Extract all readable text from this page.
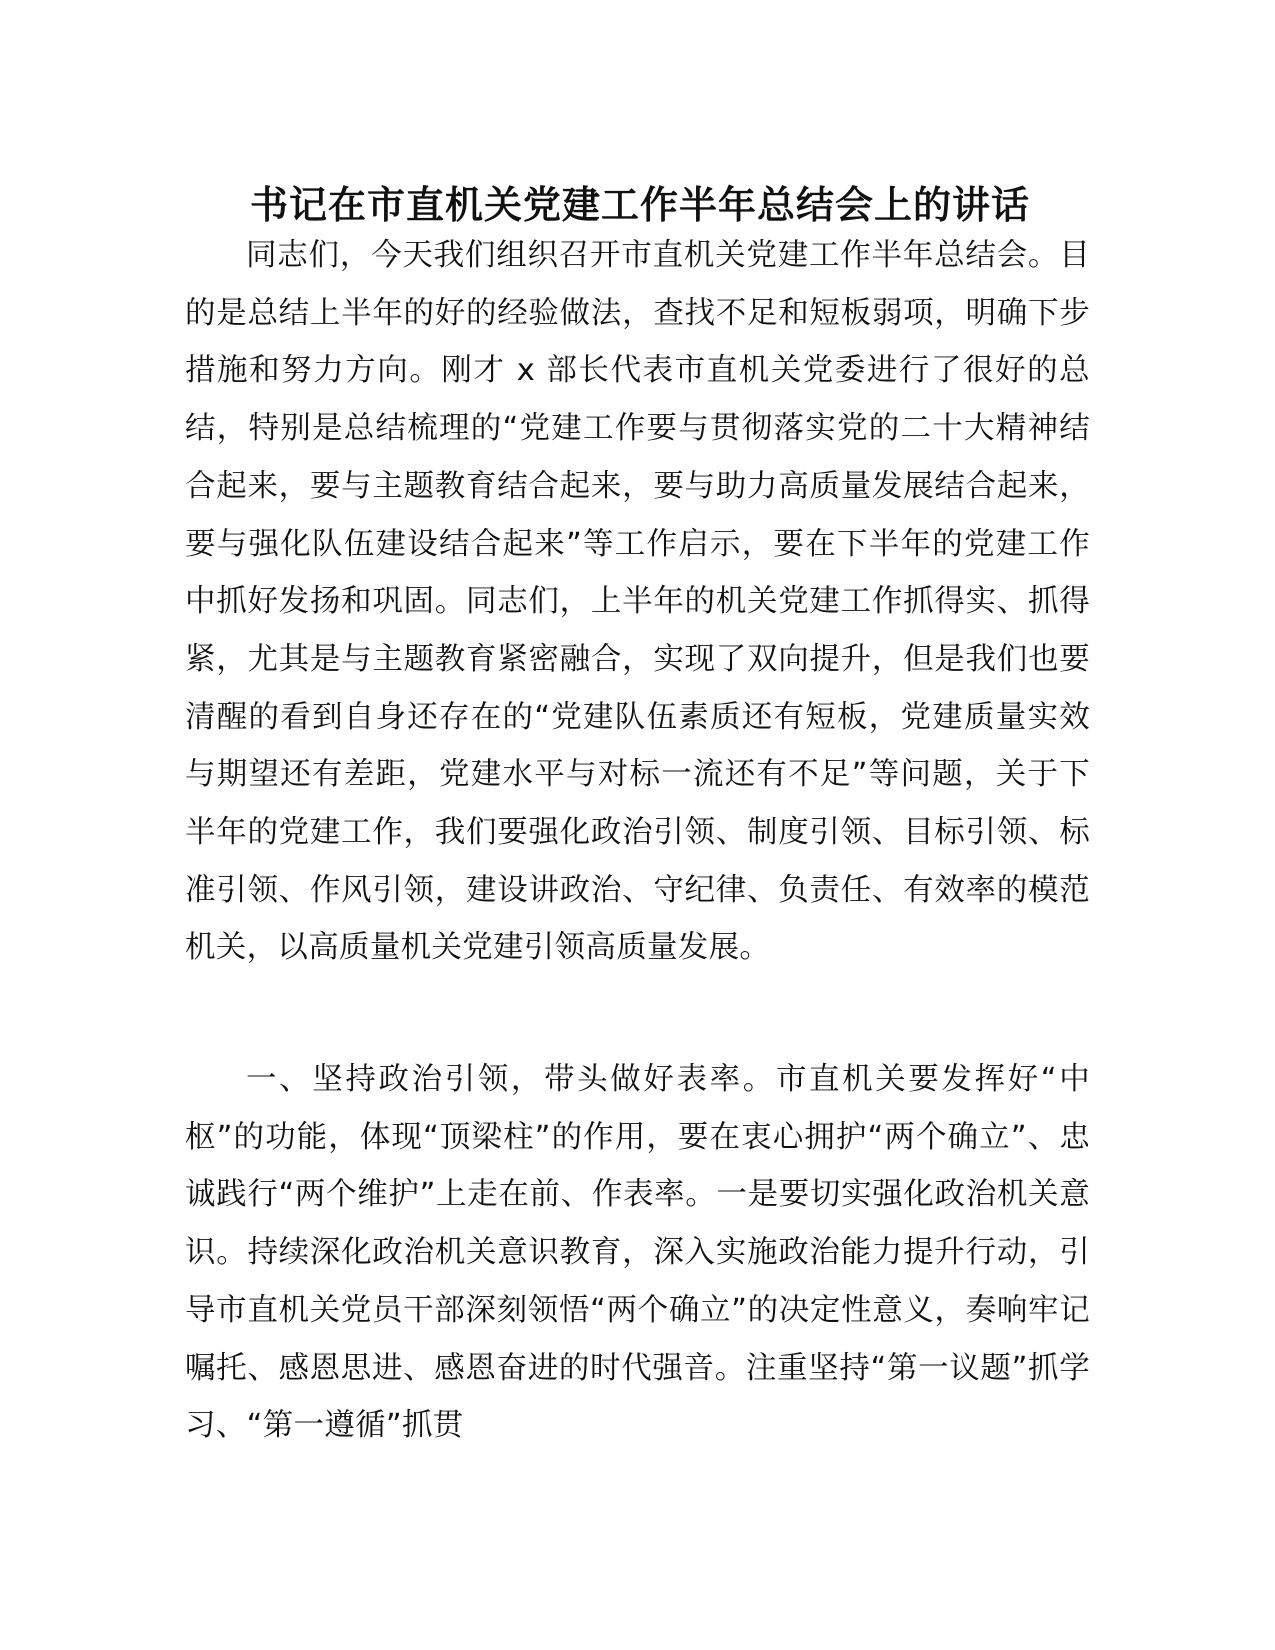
书记在市直机关党建工作半年总结会上的讲话

同志们，今天我们组织召开市直机关党建工作半年总结会。目的是总结上半年的好的经验做法，查找不足和短板弱项，明确下步措施和努力方向。刚才 x 部长代表市直机关党委进行了很好的总结，特别是总结梳理的“党建工作要与贯彻落实党的二十大精神结合起来，要与主题教育结合起来，要与助力高质量发展结合起来，要与强化队伍建设结合起来”等工作启示，要在下半年的党建工作中抓好发扬和巩固。同志们，上半年的机关党建工作抓得实、抓得紧，尤其是与主题教育紧密融合，实现了双向提升，但是我们也要清醒的看到自身还存在的“党建队伍素质还有短板，党建质量实效与期望还有差距，党建水平与对标一流还有不足”等问题，关于下半年的党建工作，我们要强化政治引领、制度引领、目标引领、标准引领、作风引领，建设讲政治、守纪律、负责任、有效率的模范机关，以高质量机关党建引领高质量发展。

一、坚持政治引领，带头做好表率。市直机关要发挥好“中枢”的功能，体现“顶梁柱”的作用，要在衷心拥护“两个确立”、忠诚践行“两个维护”上走在前、作表率。一是要切实强化政治机关意识。持续深化政治机关意识教育，深入实施政治能力提升行动，引导市直机关党员干部深刻领悟“两个确立”的决定性意义，奏响牢记嘱托、感恩思进、感恩奋进的时代强音。注重坚持“第一议题”抓学习、“第一遵循”抓贯
